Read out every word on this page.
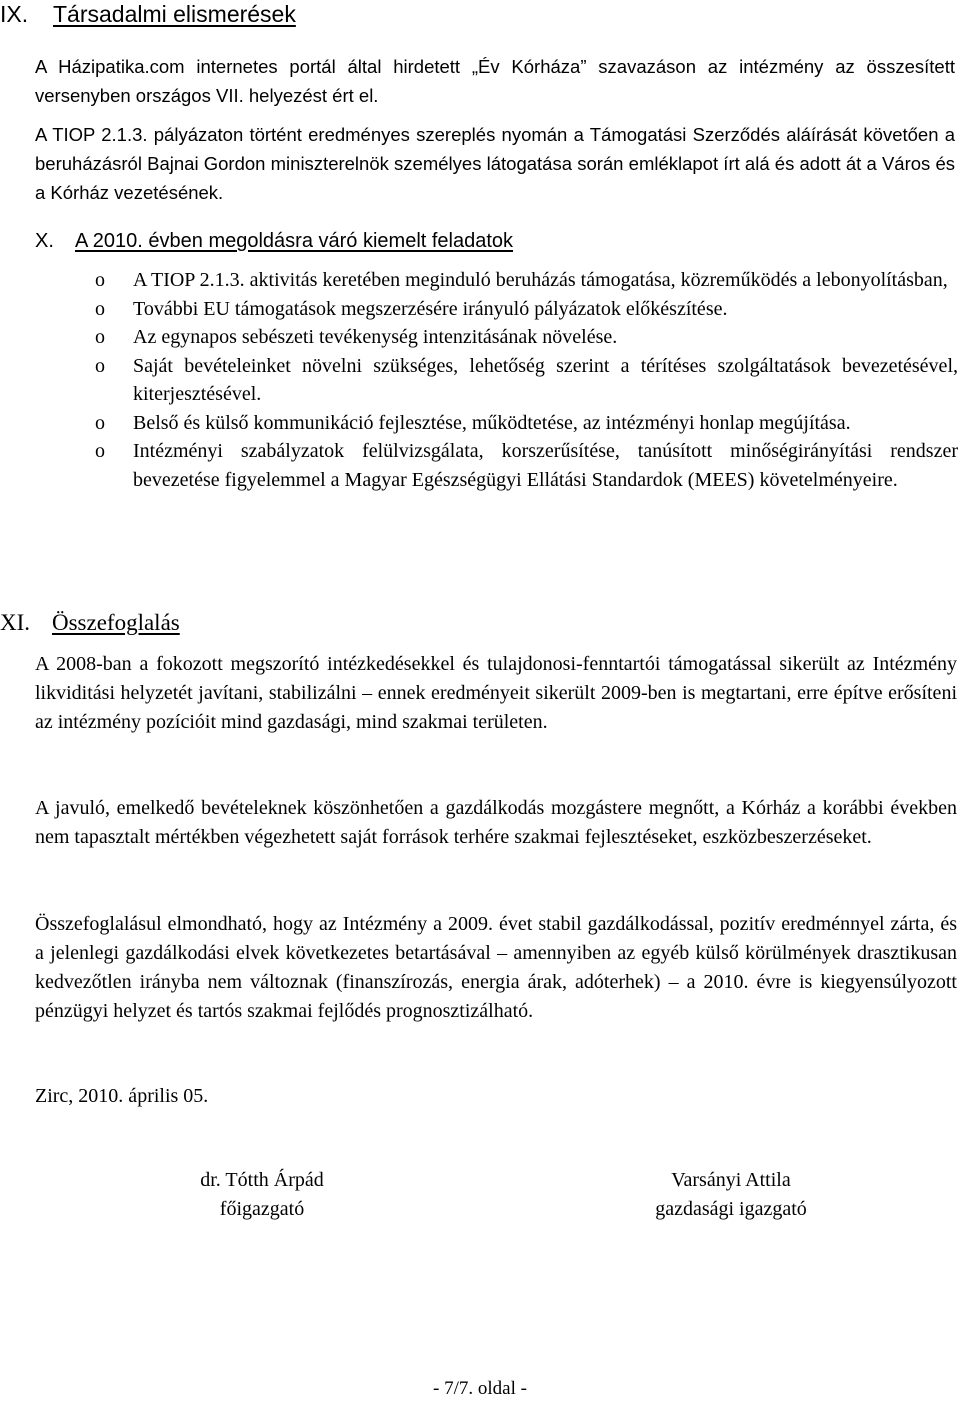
IX. Társadalmi elismerések
A Házipatika.com internetes portál által hirdetett „Év Kórháza” szavazáson az intézmény az összesített versenyben országos VII. helyezést ért el.
A TIOP 2.1.3. pályázaton történt eredményes szereplés nyomán a Támogatási Szerződés aláírását követően a beruházásról Bajnai Gordon miniszterelnök személyes látogatása során emléklapot írt alá és adott át a Város és a Kórház vezetésének.
X. A 2010. évben megoldásra váró kiemelt feladatok
o A TIOP 2.1.3. aktivitás keretében meginduló beruházás támogatása, közreműködés a lebonyolításban,
o További EU támogatások megszerzésére irányuló pályázatok előkészítése.
o Az egynapos sebészeti tevékenység intenzitásának növelése.
o Saját bevételeinket növelni szükséges, lehetőség szerint a térítéses szolgáltatások bevezetésével, kiterjesztésével.
o Belső és külső kommunikáció fejlesztése, működtetése, az intézményi honlap megújítása.
o Intézményi szabályzatok felülvizsgálata, korszerűsítése, tanúsított minőségirányítási rendszer bevezetése figyelemmel a Magyar Egészségügyi Ellátási Standardok (MEES) követelményeire.
XI. Összefoglalás
A 2008-ban a fokozott megszorító intézkedésekkel és tulajdonosi-fenntartói támogatással sikerült az Intézmény likviditási helyzetét javítani, stabilizálni – ennek eredményeit sikerült 2009-ben is megtartani, erre építve erősíteni az intézmény pozícióit mind gazdasági, mind szakmai területen.
A javuló, emelkedő bevételeknek köszönhetően a gazdálkodás mozgástere megnőtt, a Kórház a korábbi években nem tapasztalt mértékben végezhetett saját források terhére szakmai fejlesztéseket, eszközbeszerzéseket.
Összefoglalásul elmondható, hogy az Intézmény a 2009. évet stabil gazdálkodással, pozitív eredménnyel zárta, és a jelenlegi gazdálkodási elvek következetes betartásával – amennyiben az egyéb külső körülmények drasztikusan kedvezőtlen irányba nem változnak (finanszírozás, energia árak, adóterhek) – a 2010. évre is kiegyensúlyozott pénzügyi helyzet és tartós szakmai fejlődés prognosztizálható.
Zirc, 2010. április 05.
dr. Tótth Árpád
főigazgató
Varsányi Attila
gazdasági igazgató
- 7/7. oldal -
